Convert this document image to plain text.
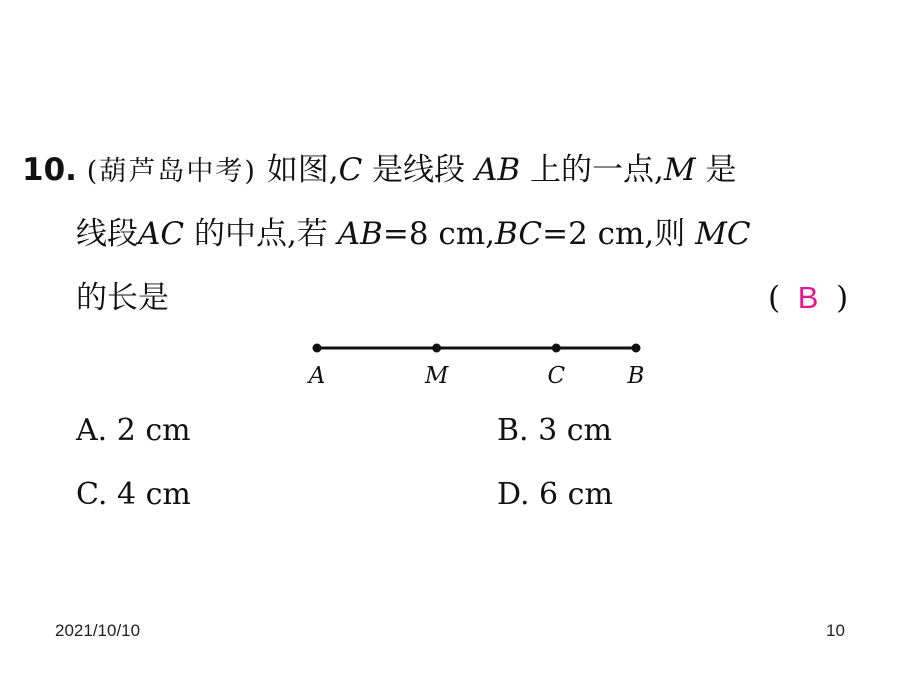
10. (葫芦岛中考) 如图,C 是线段 AB 上的一点,M 是
线段AC 的中点,若 AB=8 cm,BC=2 cm,则 MC
的长是	( B )
A	M	C	B
A. 2 cm	B. 3 cm
C. 4 cm	D. 6 cm
2021/10/10	10
